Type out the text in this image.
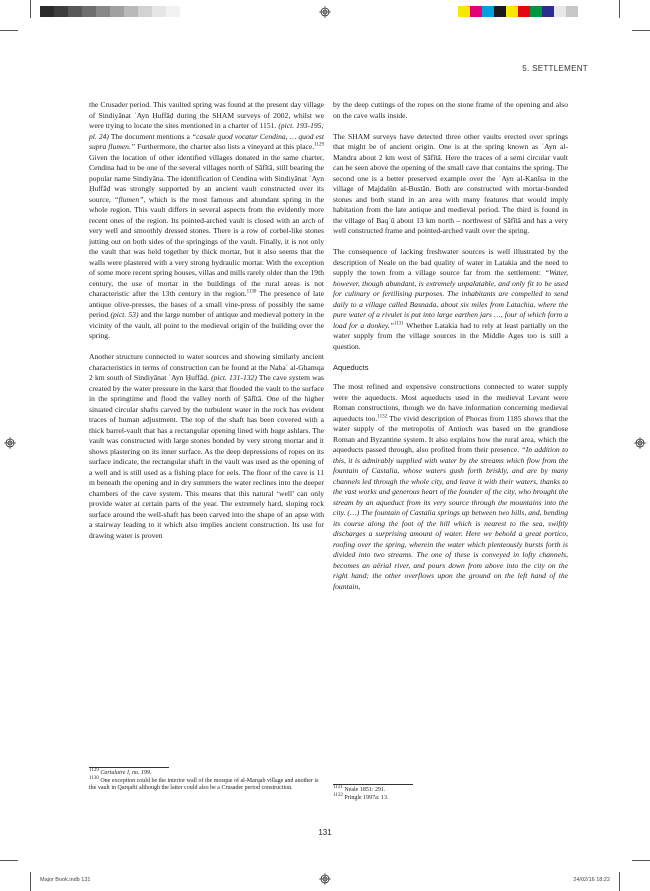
5. SETTLEMENT

the Crusader period. This vaulted spring was found at the present day village of Sindiyānat ʿAyn Ḥuffāḍ during the SHAM surveys of 2002, whilst we were trying to locate the sites mentioned in a charter of 1151. (pict. 193-195; pl. 24) The document mentions a “casale quod vocatur Cendina, … quod est supra flumen.” Furthermore, the charter also lists a vineyard at this place.$^{1129}$ Given the location of other identified villages donated in the same charter, Cendina had to be one of the several villages north of Ṣāfītā, still bearing the popular name Sindiyāna. The identification of Cendina with Sindiyānat ʿAyn Ḥuffāḍ was strongly supported by an ancient vault constructed over its source, “flumen”, which is the most famous and abundant spring in the whole region. This vault differs in several aspects from the evidently more recent ones of the region. Its pointed-arched vault is closed with an arch of very well and smoothly dressed stones. There is a row of corbel-like stones jutting out on both sides of the springings of the vault. Finally, it is not only the vault that was held together by thick mortar, but it also seems that the walls were plastered with a very strong hydraulic mortar. With the exception of some more recent spring houses, villas and mills rarely older than the 19th century, the use of mortar in the buildings of the rural areas is not characteristic after the 13th century in the region.$^{1130}$ The presence of late antique olive-presses, the bases of a small vine-press of possibly the same period (pict. 53) and the large number of antique and medieval pottery in the vicinity of the vault, all point to the medieval origin of the building over the spring.

Another structure connected to water sources and showing similarly ancient characteristics in terms of construction can be found at the Nabaʿ al-Ghamqa 2 km south of Sindiyānat ʿAyn Ḥuffāḍ. (pict. 131-132) The cave system was created by the water pressure in the karst that flooded the vault to the surface in the springtime and flood the valley north of Ṣāfītā. One of the higher situated circular shafts carved by the turbulent water in the rock has evident traces of human adjustment. The top of the shaft has been covered with a thick barrel-vault that has a rectangular opening lined with huge ashlars. The vault was constructed with large stones bonded by very strong mortar and it shows plastering on its inner surface. As the deep depressions of ropes on its surface indicate, the rectangular shaft in the vault was used as the opening of a well and is still used as a fishing place for eels. The floor of the cave is 11 m beneath the opening and in dry summers the water reclines into the deeper chambers of the cave system. This means that this natural ‘well’ can only provide water at certain parts of the year. The extremely hard, sloping rock surface around the well-shaft has been carved into the shape of an apse with a stairway leading to it which also implies ancient construction. Its use for drawing water is proven

by the deep cuttings of the ropes on the stone frame of the opening and also on the cave walls inside.

The SHAM surveys have detected three other vaults erected over springs that might be of ancient origin. One is at the spring known as ʿAyn al-Mandra about 2 km west of Ṣāfītā. Here the traces of a semi circular vault can be seen above the opening of the small cave that contains the spring. The second one is a better preserved example over the ʿAyn al-Kanīsa in the village of Majdalūn al-Bustān. Both are constructed with mortar-bonded stones and both stand in an area with many features that would imply habitation from the late antique and medieval period. The third is found in the village of Baqʿū about 13 km north – northwest of Ṣāfītā and has a very well constructed frame and pointed-arched vault over the spring.

The consequence of lacking freshwater sources is well illustrated by the description of Neale on the bad quality of water in Latakia and the need to supply the town from a village source far from the settlement: “Water, however, though abundant, is extremely unpalatable, and only fit to be used for culinary or fertilising purposes. The inhabitants are compelled to send daily to a village called Basnada, about six miles from Latachia, where the pure water of a rivulet is put into large earthen jars …, four of which form a load for a donkey.”$^{1131}$ Whether Latakia had to rely at least partially on the water supply from the village sources in the Middle Ages too is still a question.

Aqueducts

The most refined and expensive constructions connected to water supply were the aqueducts. Most aqueducts used in the medieval Levant were Roman constructions, though we do have information concerning medieval aqueducts too.$^{1132}$ The vivid description of Phocas from 1185 shows that the water supply of the metropolis of Antioch was based on the grandiose Roman and Byzantine system. It also explains how the rural area, which the aqueducts passed through, also profited from their presence. “In addition to this, it is admirably supplied with water by the streams which flow from the fountain of Castalia, whose waters gush forth briskly, and are by many channels led through the whole city, and leave it with their waters, thanks to the vast works and generous heart of the founder of the city, who brought the stream by an aqueduct from its very source through the mountains into the city. (…) The fountain of Castalia springs up between two hills, and, bending its course along the foot of the hill which is nearest to the sea, swiftly discharges a surprising amount of water. Here we behold a great portico, roofing over the spring, wherein the water which plenteously bursts forth is divided into two streams. The one of these is conveyed in lofty channels, becomes an aërial river, and pours down from above into the city on the right hand; the other overflows upon the ground on the left hand of the fountain,

$^{1129}$ Cartulaire I, no. 199.
$^{1130}$ One exception could be the interior wall of the mosque of al-Marqab village and another is the vault in Qarqaftī although the latter could also be a Crusader period construction.	$^{1131}$ Neale 1851: 291.
$^{1132}$ Pringle 1997a: 13.
131
Major Book.indb 131	24/02/16 18:22
